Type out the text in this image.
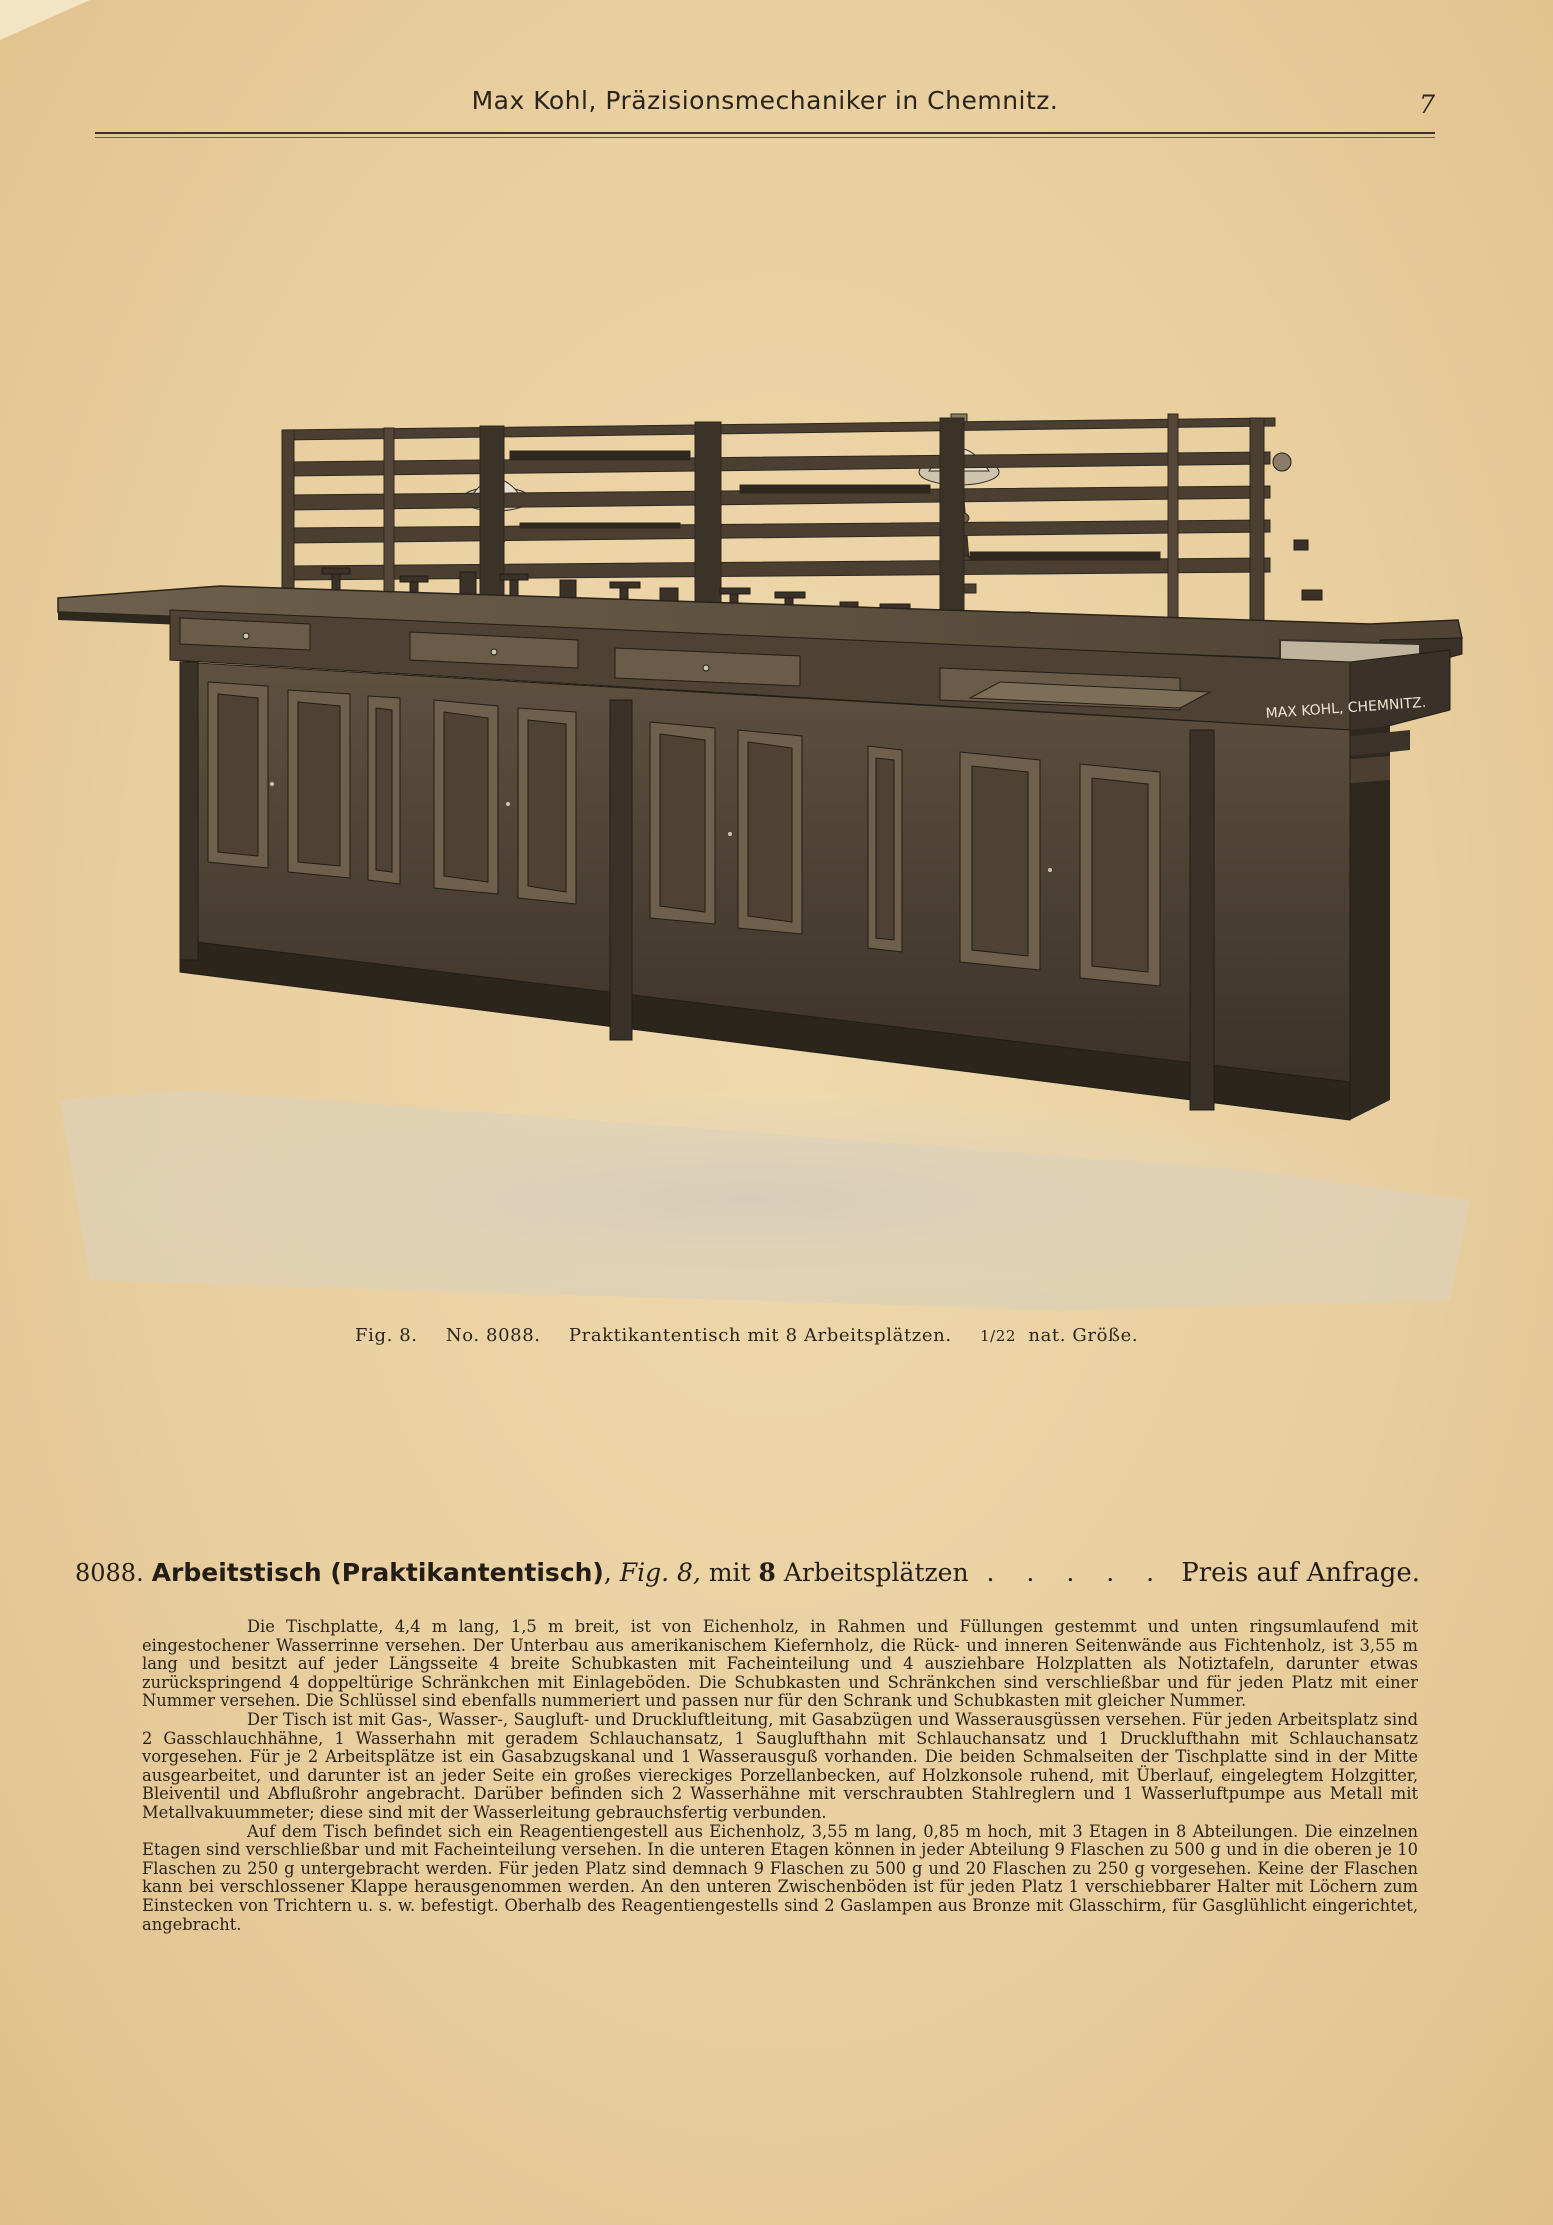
Max Kohl, Präzisionsmechaniker in Chemnitz.	7
MAX KOHL, CHEMNITZ.
Fig. 8. No. 8088. Praktikantentisch mit 8 Arbeitsplätzen. 1/22 nat. Größe.
8088. Arbeitstisch (Praktikantentisch), Fig. 8, mit 8 Arbeitsplätzen . . . . . . .
Preis auf Anfrage.

Die Tischplatte, 4,4 m lang, 1,5 m breit, ist von Eichenholz, in Rahmen und Füllungen gestemmt und unten ringsumlaufend mit eingestochener Wasserrinne versehen. Der Unterbau aus amerikanischem Kiefernholz, die Rück- und inneren Seitenwände aus Fichtenholz, ist 3,55 m lang und besitzt auf jeder Längsseite 4 breite Schubkasten mit Facheinteilung und 4 ausziehbare Holzplatten als Notiztafeln, darunter etwas zurückspringend 4 doppeltürige Schränkchen mit Einlageböden. Die Schubkasten und Schränkchen sind verschließbar und für jeden Platz mit einer Nummer versehen. Die Schlüssel sind ebenfalls nummeriert und passen nur für den Schrank und Schubkasten mit gleicher Nummer.

Der Tisch ist mit Gas-, Wasser-, Saugluft- und Druckluftleitung, mit Gasabzügen und Wasserausgüssen versehen. Für jeden Arbeitsplatz sind 2 Gasschlauchhähne, 1 Wasserhahn mit geradem Schlauchansatz, 1 Sauglufthahn mit Schlauchansatz und 1 Drucklufthahn mit Schlauchansatz vorgesehen. Für je 2 Arbeitsplätze ist ein Gasabzugskanal und 1 Wasserausguß vorhanden. Die beiden Schmalseiten der Tischplatte sind in der Mitte ausgearbeitet, und darunter ist an jeder Seite ein großes viereckiges Porzellanbecken, auf Holzkonsole ruhend, mit Überlauf, eingelegtem Holzgitter, Bleiventil und Abflußrohr angebracht. Darüber befinden sich 2 Wasserhähne mit verschraubten Stahlreglern und 1 Wasserluftpumpe aus Metall mit Metallvakuummeter; diese sind mit der Wasserleitung gebrauchsfertig verbunden.

Auf dem Tisch befindet sich ein Reagentiengestell aus Eichenholz, 3,55 m lang, 0,85 m hoch, mit 3 Etagen in 8 Abteilungen. Die einzelnen Etagen sind verschließbar und mit Facheinteilung versehen. In die unteren Etagen können in jeder Abteilung 9 Flaschen zu 500 g und in die oberen je 10 Flaschen zu 250 g untergebracht werden. Für jeden Platz sind demnach 9 Flaschen zu 500 g und 20 Flaschen zu 250 g vorgesehen. Keine der Flaschen kann bei verschlossener Klappe herausgenommen werden. An den unteren Zwischenböden ist für jeden Platz 1 verschiebbarer Halter mit Löchern zum Einstecken von Trichtern u. s. w. befestigt. Oberhalb des Reagentiengestells sind 2 Gaslampen aus Bronze mit Glasschirm, für Gasglühlicht eingerichtet, angebracht.
